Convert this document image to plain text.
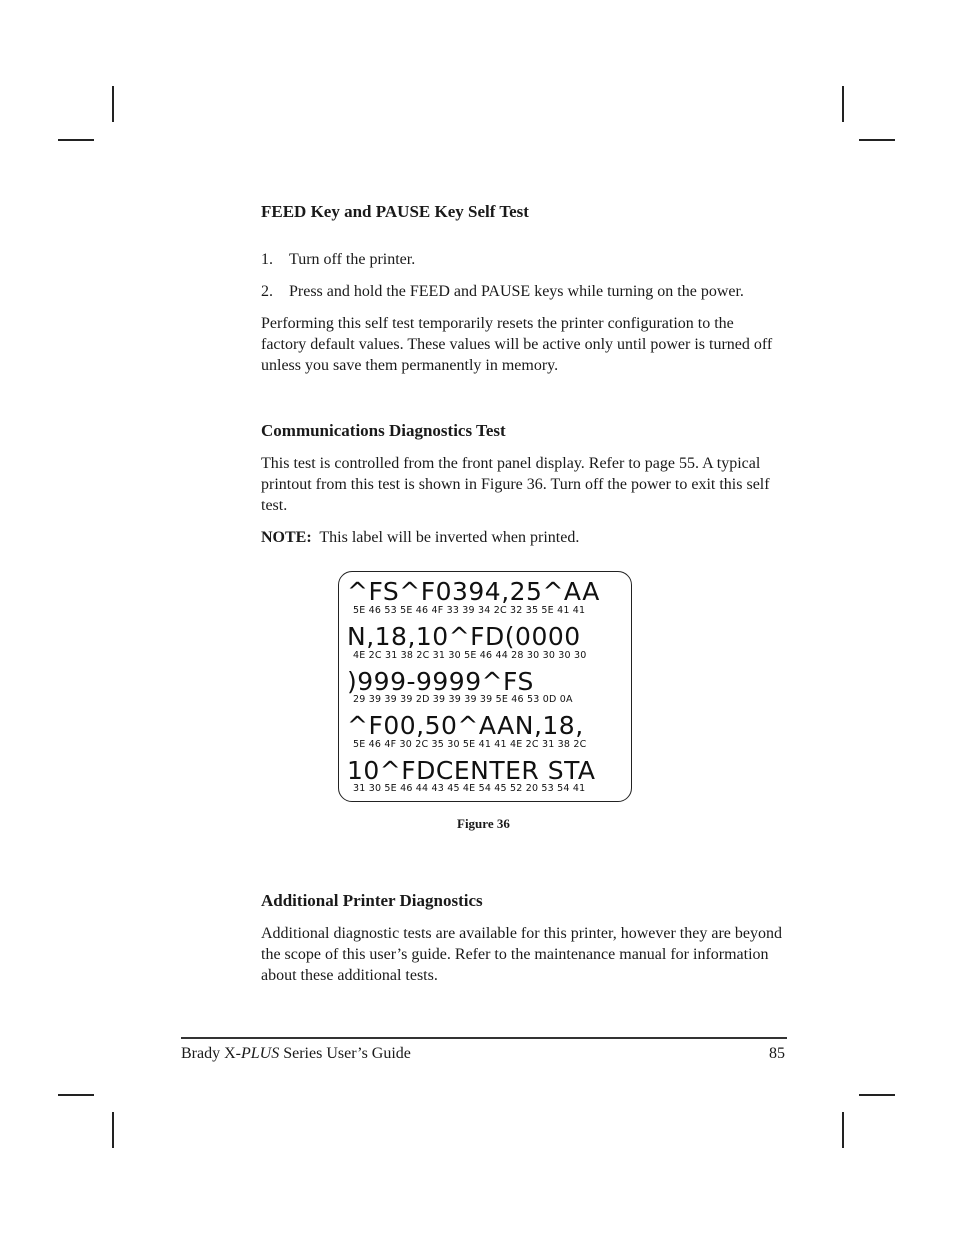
FEED Key and PAUSE Key Self Test
1. Turn off the printer.
2. Press and hold the FEED and PAUSE keys while turning on the power.

Performing this self test temporarily resets the printer configuration to the factory default values. These values will be active only until power is turned off unless you save them permanently in memory.

Communications Diagnostics Test

This test is controlled from the front panel display. Refer to page 55. A typical printout from this test is shown in Figure 36. Turn off the power to exit this self test.

NOTE: This label will be inverted when printed.
^FS^F0394,25^AA
5E 46 53 5E 46 4F 33 39 34 2C 32 35 5E 41 41
N,18,10^FD(0000
4E 2C 31 38 2C 31 30 5E 46 44 28 30 30 30 30
)999-9999^FS
29 39 39 39 2D 39 39 39 39 5E 46 53 0D 0A
^F00,50^AAN,18,
5E 46 4F 30 2C 35 30 5E 41 41 4E 2C 31 38 2C
10^FDCENTER STA
31 30 5E 46 44 43 45 4E 54 45 52 20 53 54 41
Figure 36
Additional Printer Diagnostics

Additional diagnostic tests are available for this printer, however they are beyond the scope of this user’s guide. Refer to the maintenance manual for information about these additional tests.

Brady X-PLUS Series User’s Guide	85
